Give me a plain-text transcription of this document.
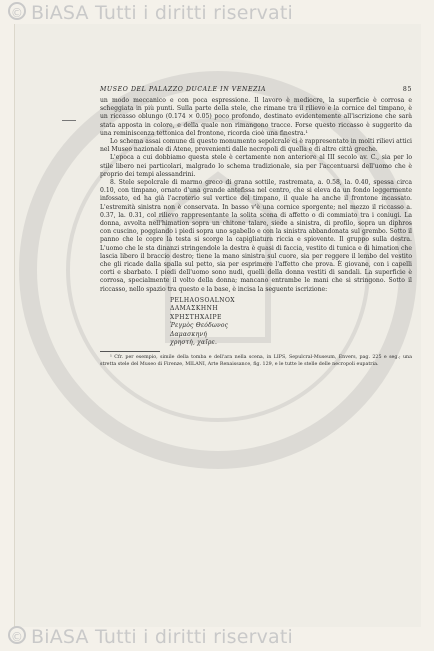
© BiASA Tutti i diritti riservati
MUSEO DEL PALAZZO DUCALE IN VENEZIA	85

un modo meccanico e con poca espressione. Il lavoro è mediocre, la superficie è corrosa e scheggiata in più punti. Sulla parte della stele, che rimane tra il rilievo e la cornice del timpano, è un riccasso oblungo (0.174 × 0.05) poco profondo, destinato evidentemente all'iscrizione che sarà stata apposta in colore, e della quale non rimangono tracce. Forse questo riccasso è suggerito da una reminiscenza tettonica del frontone, ricorda cioè una finestra.¹

Lo schema assai comune di questo monumento sepolcrale ci è rappresentato in molti rilievi attici nel Museo nazionale di Atene, provenienti dalle necropoli di quella e di altre città greche.

L'epoca a cui dobbiamo questa stele è certamente non anteriore al III secolo av. C., sia per lo stile libero nei particolari, malgrado lo schema tradizionale, sia per l'accentuarsi dell'uomo che è proprio dei tempi alessandrini.

8. Stele sepolcrale di marmo greco di grana sottile, rastremata, a. 0.58, la. 0.40, spessa circa 0.10, con timpano, ornato d'una grande antefissa nel centro, che si eleva da un fondo leggermente infossato, ed ha già l'acroterio sul vertice del timpano, il quale ha anche il frontone incassato. L'estremità sinistra non è conservata. In basso v'è una cornice sporgente; nel mezzo il riccasso a. 0.37, la. 0.31, col rilievo rappresentante la solita scena di affetto o di commiato tra i coniugi. La donna, avvolta nell'himation sopra un chitone talare, siede a sinistra, di profilo, sopra un diphros con cuscino, poggiando i piedi sopra uno sgabello e con la sinistra abbandonata sul grembo. Sotto il panno che le copre la testa si scorge la capigliatura riccia e spiovente. Il gruppo sulla destra. L'uomo che le sta dinanzi stringendole la destra è quasi di faccia, vestito di tunica e di himation che lascia libero il braccio destro; tiene la mano sinistra sul cuore, sia per reggere il lembo del vestito che gli ricade dalla spalla sul petto, sia per esprimere l'affetto che prova. È giovane, con i capelli corti e sbarbato. I piedi dell'uomo sono nudi, quelli della donna vestiti di sandali. La superficie è corrosa, specialmente il volto della donna; mancano entrambe le mani che si stringono. Sotto il riccasso, nello spazio tra questo e la base, è incisa la seguente iscrizione:

PELHAOSOALNOX
ΔΑΜΑΣΚΗΝΗ
ΧΡΗΣΤΗΧΑΙΡΕ
Ῥεγμὸς Θεόδωνος
Δαμασκηνή
χρηστὴ, χαῖρε.

¹ Cfr. per esempio, simile della tomba e dell'ara nella scena, in LIPS, Sepulcral-Museum, Envers, pag. 225 e seg.; una stretta stele del Museo di Firenze, MILANI, Arte Renaissance, fig. 129, e le tutte le stelle delle necropoli eupatria.

© BiASA Tutti i diritti riservati
